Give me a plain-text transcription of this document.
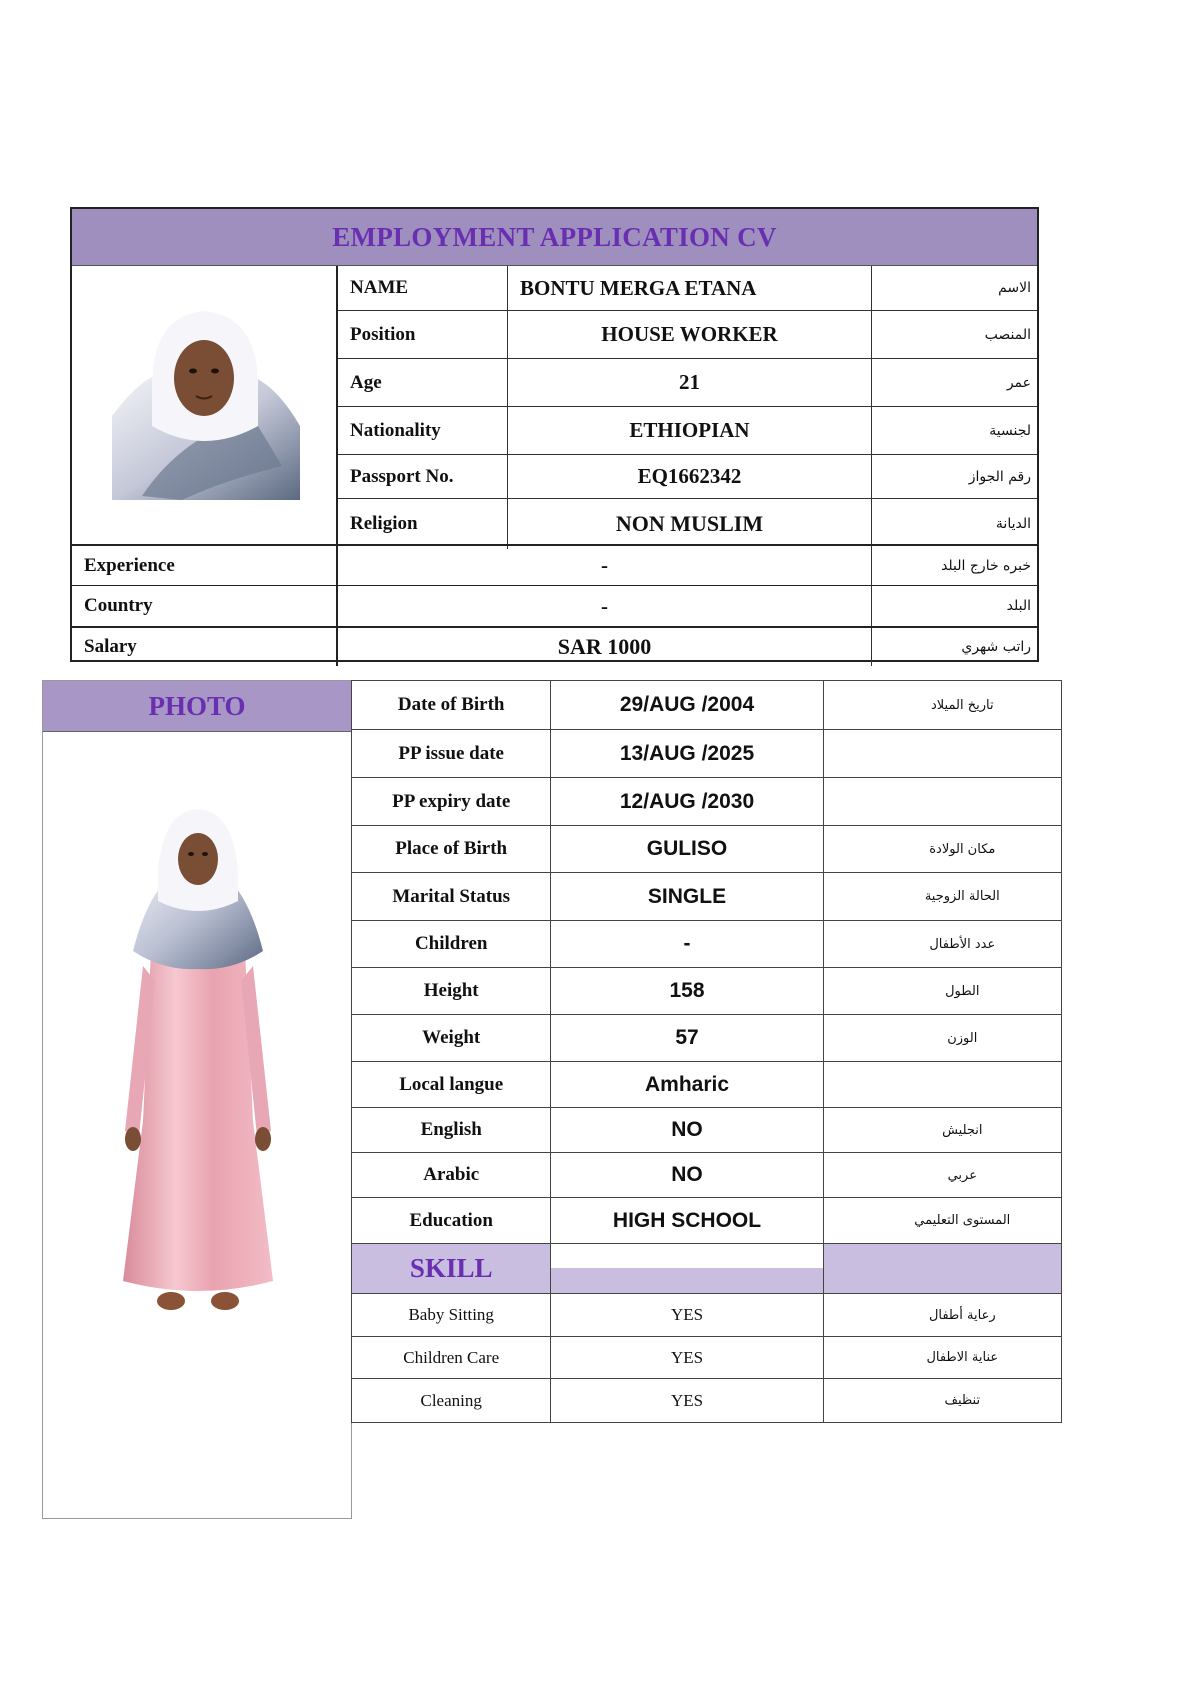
EMPLOYMENT APPLICATION CV
NAME	BONTU MERGA ETANA	الاسم
Position	HOUSE WORKER	المنصب
Age	21	عمر
Nationality	ETHIOPIAN	لجنسية
Passport No.	EQ1662342	رقم الجواز
Religion	NON MUSLIM	الديانة
Experience	-	خبره خارج البلد
Country	-	البلد
Salary	SAR 1000	راتب شهري
PHOTO	Date of Birth	29/AUG /2004	تاريخ الميلاد
PP issue date	13/AUG /2025
PP expiry date	12/AUG /2030
Place of Birth	GULISO	مكان الولادة
Marital Status	SINGLE	الحالة الزوجية
Children	-	عدد الأطفال
Height	158	الطول
Weight	57	الوزن
Local langue	Amharic
English	NO	انجليش
Arabic	NO	عربي
Education	HIGH SCHOOL	المستوى التعليمي
SKILL
Baby Sitting	YES	رعاية أطفال
Children Care	YES	عناية الاطفال
Cleaning	YES	تنظيف
